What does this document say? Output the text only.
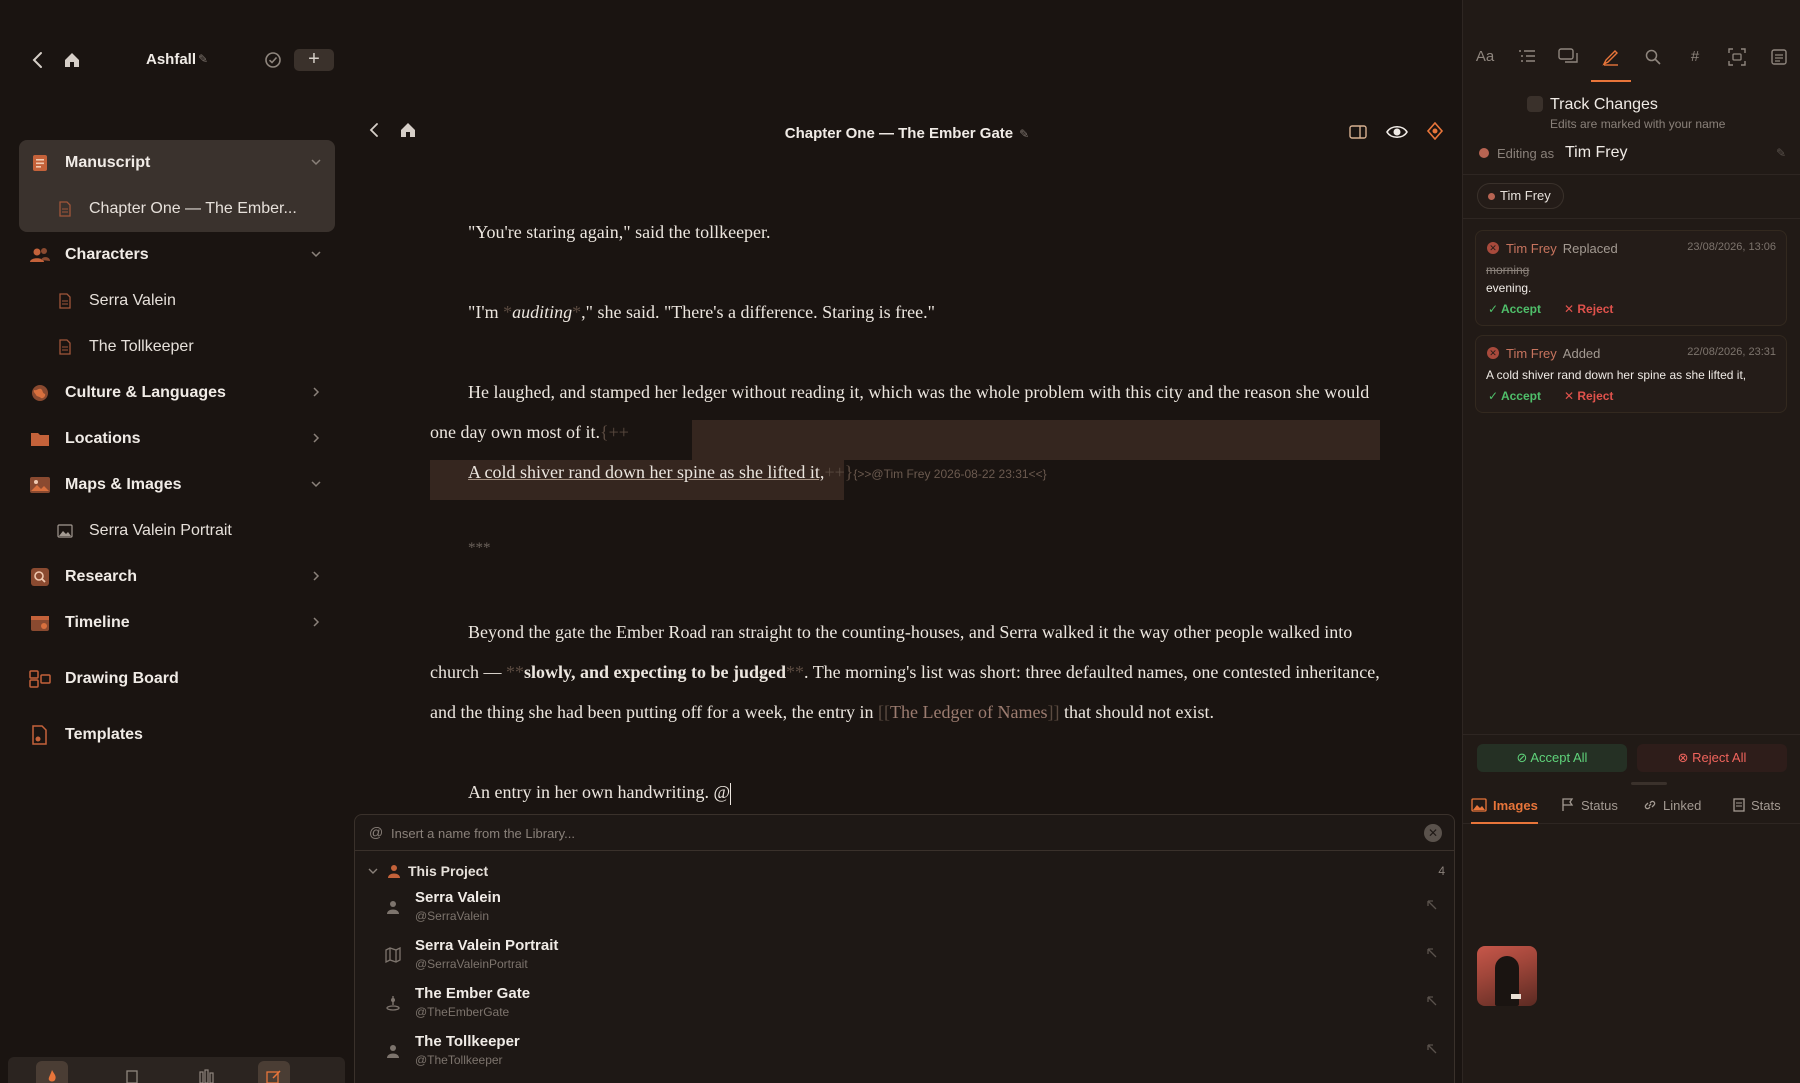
Ashfall ✎	+
Manuscript
Chapter One — The Ember...
Characters
Serra Valein
The Tollkeeper
Culture & Languages
Locations
Maps & Images
Serra Valein Portrait
Research
Timeline
Drawing Board
Templates
"You're staring again," said the tollkeeper.
"I'm *auditing*," she said. "There's a difference. Staring is free."
He laughed, and stamped her ledger without reading it, which was the whole problem with this city and the reason she would one day own most of it.{++
A cold shiver rand down her spine as she lifted it,++}{>>@Tim Frey 2026-08-22 23:31<<}
***
Beyond the gate the Ember Road ran straight to the counting-houses, and Serra walked it the way other people walked into church — **slowly, and expecting to be judged**. The morning's list was short: three defaulted names, one contested inheritance, and the thing she had been putting off for a week, the entry in [[The Ledger of Names]] that should not exist.
An entry in her own handwriting. @
Chapter One — The Ember Gate ✎
@
Insert a name from the Library...	✕
This Project	4
Serra Valein
@SerraValein
Serra Valein Portrait
@SerraValeinPortrait
The Ember Gate
@TheEmberGate
The Tollkeeper
@TheTollkeeper
Aa	#
Track Changes
Edits are marked with your name
Editing as Tim Frey	✎
Tim Frey
✕ Tim Frey Replaced	23/08/2026, 13:06
morning
evening.
✓ Accept ✕ Reject
✕ Tim Frey Added	22/08/2026, 23:31
A cold shiver rand down her spine as she lifted it,
✓ Accept ✕ Reject
⊘ Accept All	⊗ Reject All
Images	Status	Linked	Stats
